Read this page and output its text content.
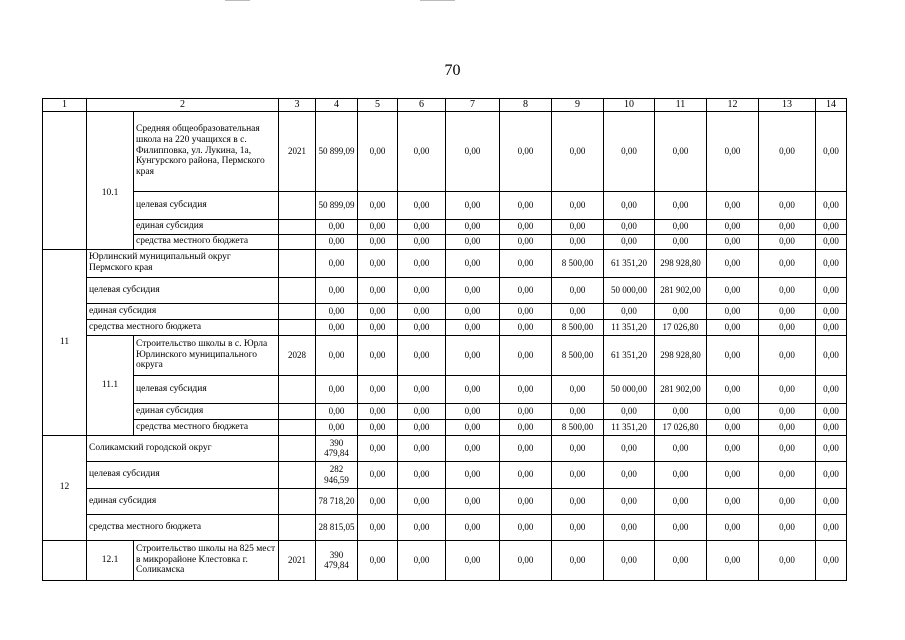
70
1	2		3	4	5	6	7	8	9	10	11	12	13	14
	10.1	Средняя общеобразовательная школа на 220 учащихся в с. Филипповка, ул. Лукина, 1а, Кунгурского района, Пермского края	2021	50 899,09	0,00	0,00	0,00	0,00	0,00	0,00	0,00	0,00	0,00	0,00
		целевая субсидия		50 899,09	0,00	0,00	0,00	0,00	0,00	0,00	0,00	0,00	0,00	0,00
		единая субсидия		0,00	0,00	0,00	0,00	0,00	0,00	0,00	0,00	0,00	0,00	0,00
		средства местного бюджета		0,00	0,00	0,00	0,00	0,00	0,00	0,00	0,00	0,00	0,00	0,00
11	Юрлинский муниципальный округ Пермского края			0,00	0,00	0,00	0,00	0,00	8 500,00	61 351,20	298 928,80	0,00	0,00	0,00
	целевая субсидия			0,00	0,00	0,00	0,00	0,00	0,00	50 000,00	281 902,00	0,00	0,00	0,00
	единая субсидия			0,00	0,00	0,00	0,00	0,00	0,00	0,00	0,00	0,00	0,00	0,00
	средства местного бюджета			0,00	0,00	0,00	0,00	0,00	8 500,00	11 351,20	17 026,80	0,00	0,00	0,00
	11.1	Строительство школы в с. Юрла Юрлинского муниципального округа	2028	0,00	0,00	0,00	0,00	0,00	8 500,00	61 351,20	298 928,80	0,00	0,00	0,00
		целевая субсидия		0,00	0,00	0,00	0,00	0,00	0,00	50 000,00	281 902,00	0,00	0,00	0,00
		единая субсидия		0,00	0,00	0,00	0,00	0,00	0,00	0,00	0,00	0,00	0,00	0,00
		средства местного бюджета		0,00	0,00	0,00	0,00	0,00	8 500,00	11 351,20	17 026,80	0,00	0,00	0,00
12	Соликамский городской округ			390 479,84	0,00	0,00	0,00	0,00	0,00	0,00	0,00	0,00	0,00	0,00
	целевая субсидия			282 946,59	0,00	0,00	0,00	0,00	0,00	0,00	0,00	0,00	0,00	0,00
	единая субсидия			78 718,20	0,00	0,00	0,00	0,00	0,00	0,00	0,00	0,00	0,00	0,00
	средства местного бюджета			28 815,05	0,00	0,00	0,00	0,00	0,00	0,00	0,00	0,00	0,00	0,00
	12.1	Строительство школы на 825 мест в микрорайоне Клестовка г. Соликамска	2021	390 479,84	0,00	0,00	0,00	0,00	0,00	0,00	0,00	0,00	0,00	0,00
